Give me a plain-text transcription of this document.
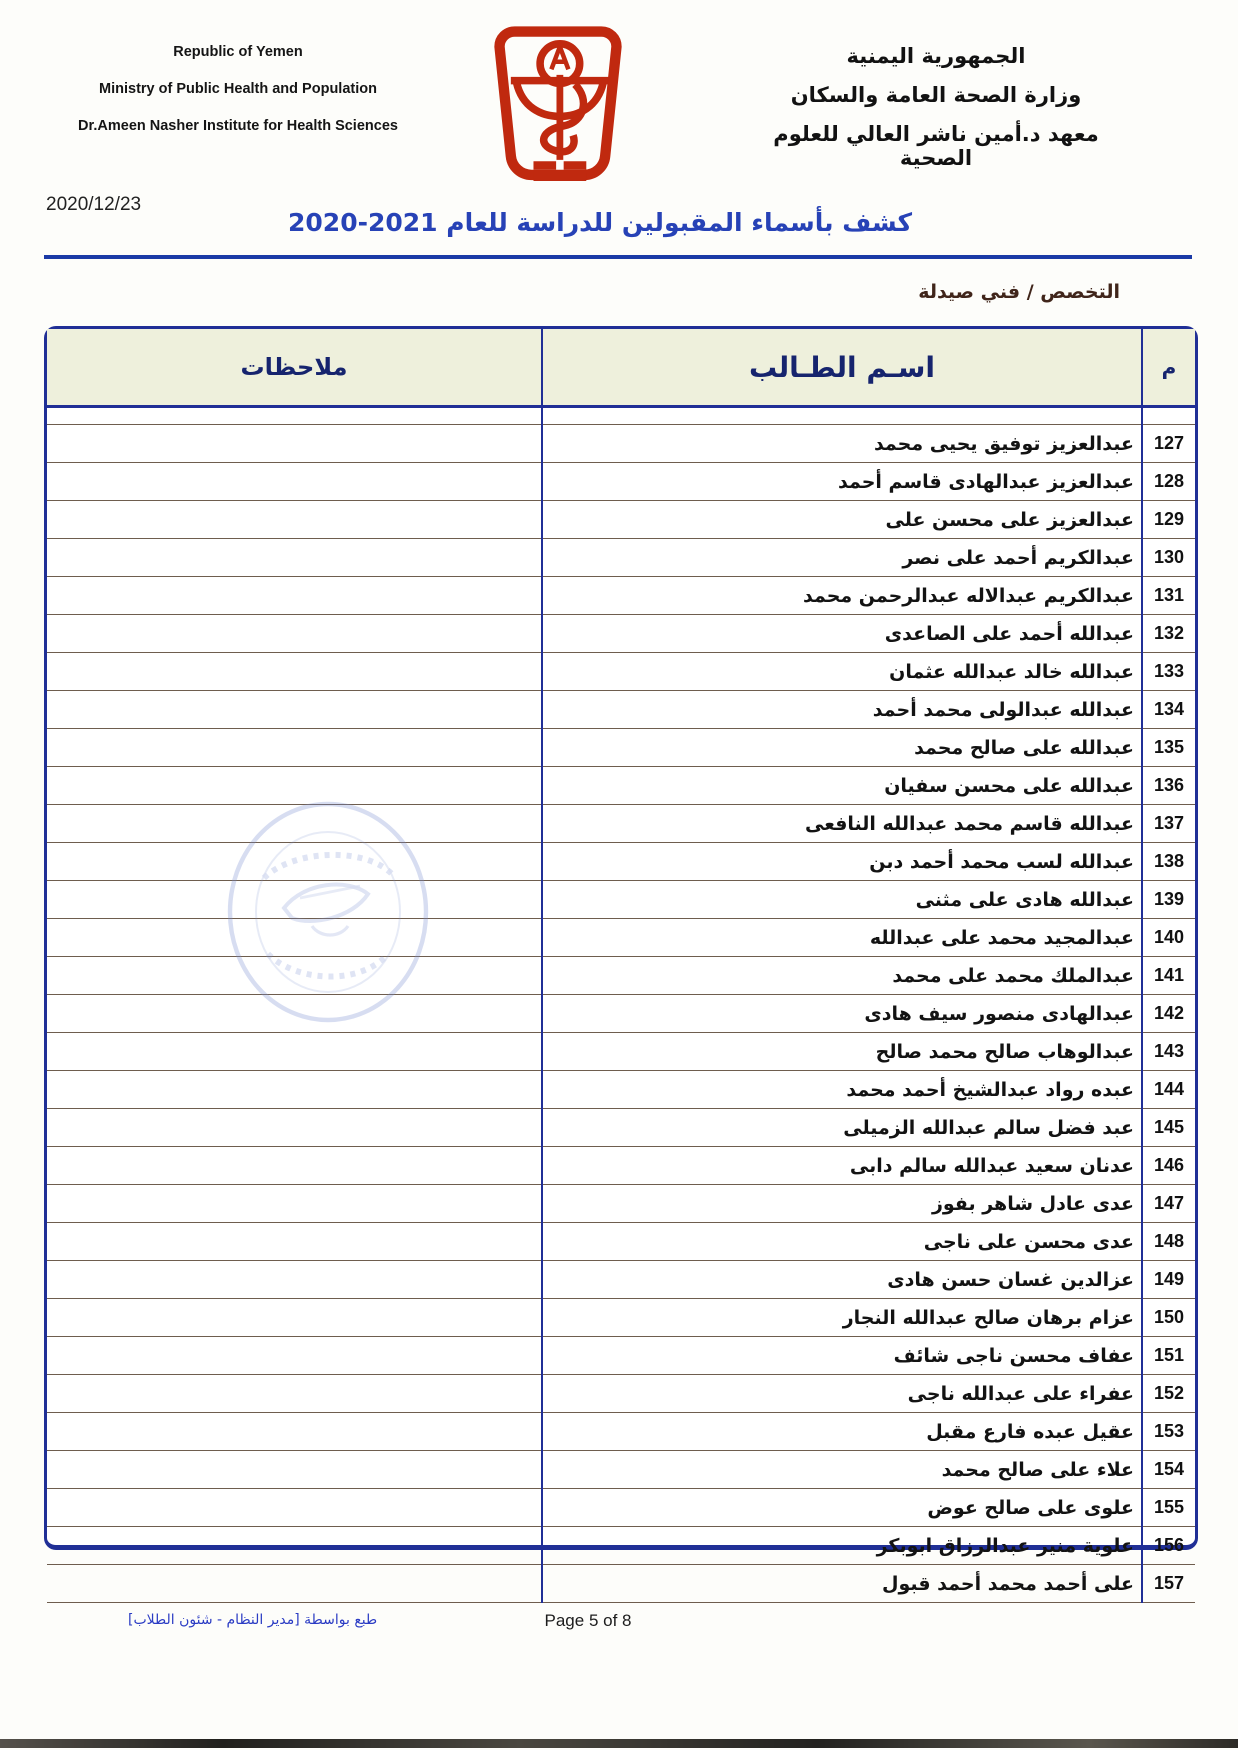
Republic of Yemen
Ministry of Public Health and Population
Dr.Ameen Nasher Institute for Health Sciences
الجمهورية اليمنية
وزارة الصحة العامة والسكان
معهد د.أمين ناشر العالي للعلوم الصحية
2020/12/23
كشف بأسماء المقبولين للدراسة للعام 2021-2020
التخصص / فني صيدلة
م	اسـم الطـالب	ملاحظات

127	عبدالعزيز توفيق يحيى محمد	
128	عبدالعزيز عبدالهادى قاسم أحمد	
129	عبدالعزيز على محسن على	
130	عبدالكريم أحمد على نصر	
131	عبدالكريم عبدالاله عبدالرحمن محمد	
132	عبدالله أحمد على الصاعدى	
133	عبدالله خالد عبدالله عثمان	
134	عبدالله عبدالولى محمد أحمد	
135	عبدالله على صالح محمد	
136	عبدالله على محسن سفيان	
137	عبدالله قاسم محمد عبدالله النافعى	
138	عبدالله لسب محمد أحمد دبن	
139	عبدالله هادى على مثنى	
140	عبدالمجيد محمد على عبدالله	
141	عبدالملك محمد على محمد	
142	عبدالهادى منصور سيف هادى	
143	عبدالوهاب صالح محمد صالح	
144	عبده رواد عبدالشيخ أحمد محمد	
145	عبد فضل سالم عبدالله الزميلى	
146	عدنان سعيد عبدالله سالم دابى	
147	عدى عادل شاهر بفوز	
148	عدى محسن على ناجى	
149	عزالدين غسان حسن هادى	
150	عزام برهان صالح عبدالله النجار	
151	عفاف محسن ناجى شائف	
152	عفراء على عبدالله ناجى	
153	عقيل عبده فارع مقبل	
154	علاء على صالح محمد	
155	علوى على صالح عوض	
156	علوية منير عبدالرزاق ابوبكر	
157	على أحمد محمد أحمد قبول	
طبع بواسطة [مدير النظام - شئون الطلاب]	Page 5 of 8
